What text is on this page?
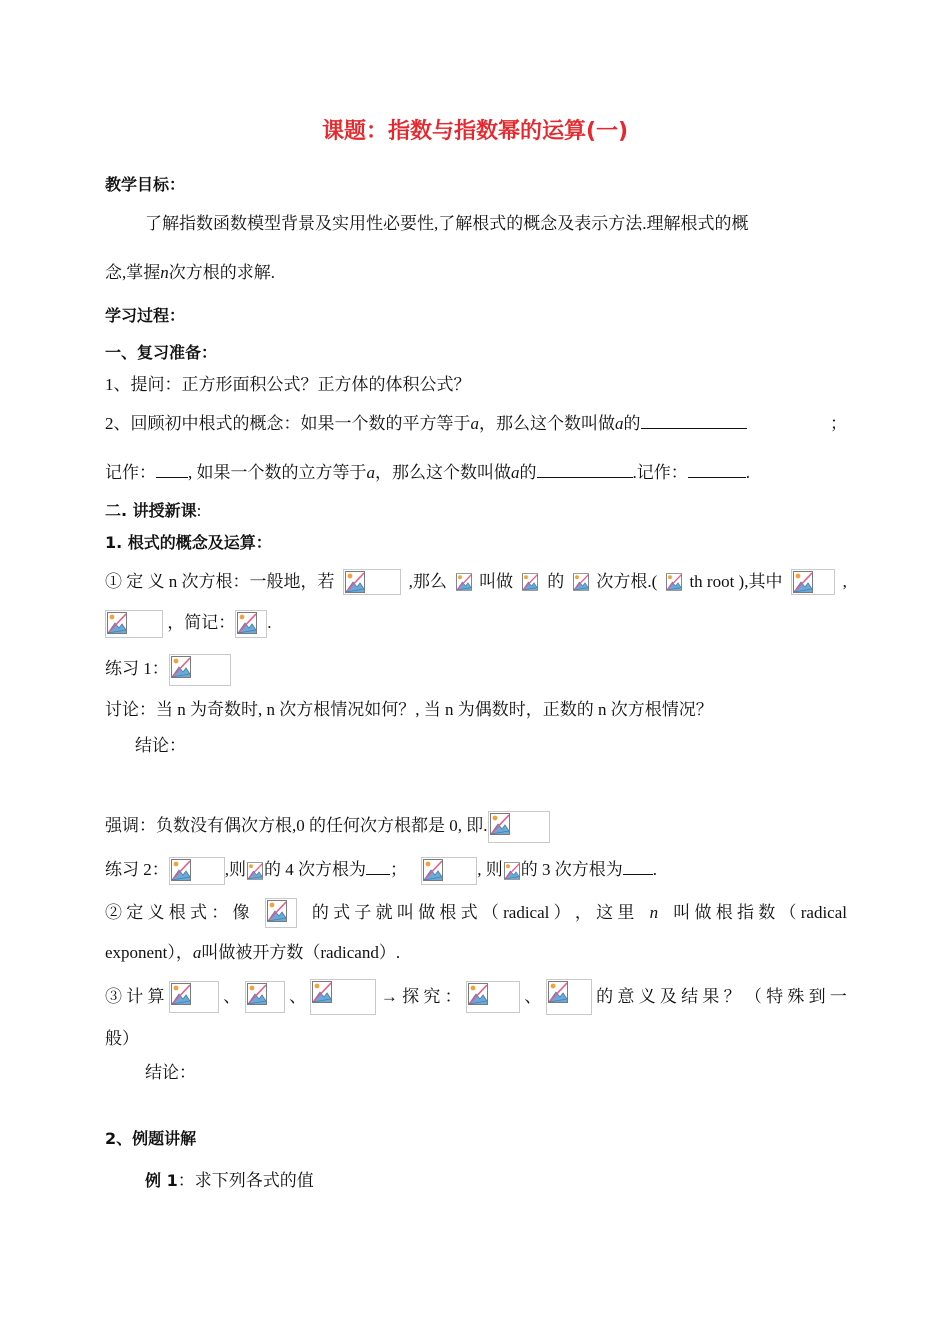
课题：指数与指数幂的运算(一)
教学目标：
了解指数函数模型背景及实用性必要性,了解根式的概念及表示方法.理解根式的概
念,掌握n次方根的求解.
学习过程：
一、复习准备：
1、提问：正方形面积公式？正方体的体积公式？
2、回顾初中根式的概念：如果一个数的平方等于a，那么这个数叫做a的	；
记作： , 如果一个数的立方等于a，那么这个数叫做a的	.记作：	.
二. 讲授新课:
1. 根式的概念及运算：
① 定 义 n 次方根：一般地，若	,那么 叫做 的 次方根.( th root ),其中	,
，简记： .
练习 1：
讨论：当 n 为奇数时, n 次方根情况如何？, 当 n 为偶数时，正数的 n 次方根情况？
结论：
强调：负数没有偶次方根,0 的任何次方根都是 0, 即.
练习 2：	,则 的 4 次方根为 ；	, 则 的 3 次方根为 .
② 定 义 根 式 ： 像	的 式 子 就 叫 做 根 式 （ radical ） ， 这 里 n 叫 做 根 指 数 （ radical
exponent），a叫做被开方数（radicand）.
③ 计 算	、	、	→ 探 究 ：	、	的 意 义 及 结 果 ？ （ 特 殊 到 一
般）
结论：
2、例题讲解
例 1：求下列各式的值
